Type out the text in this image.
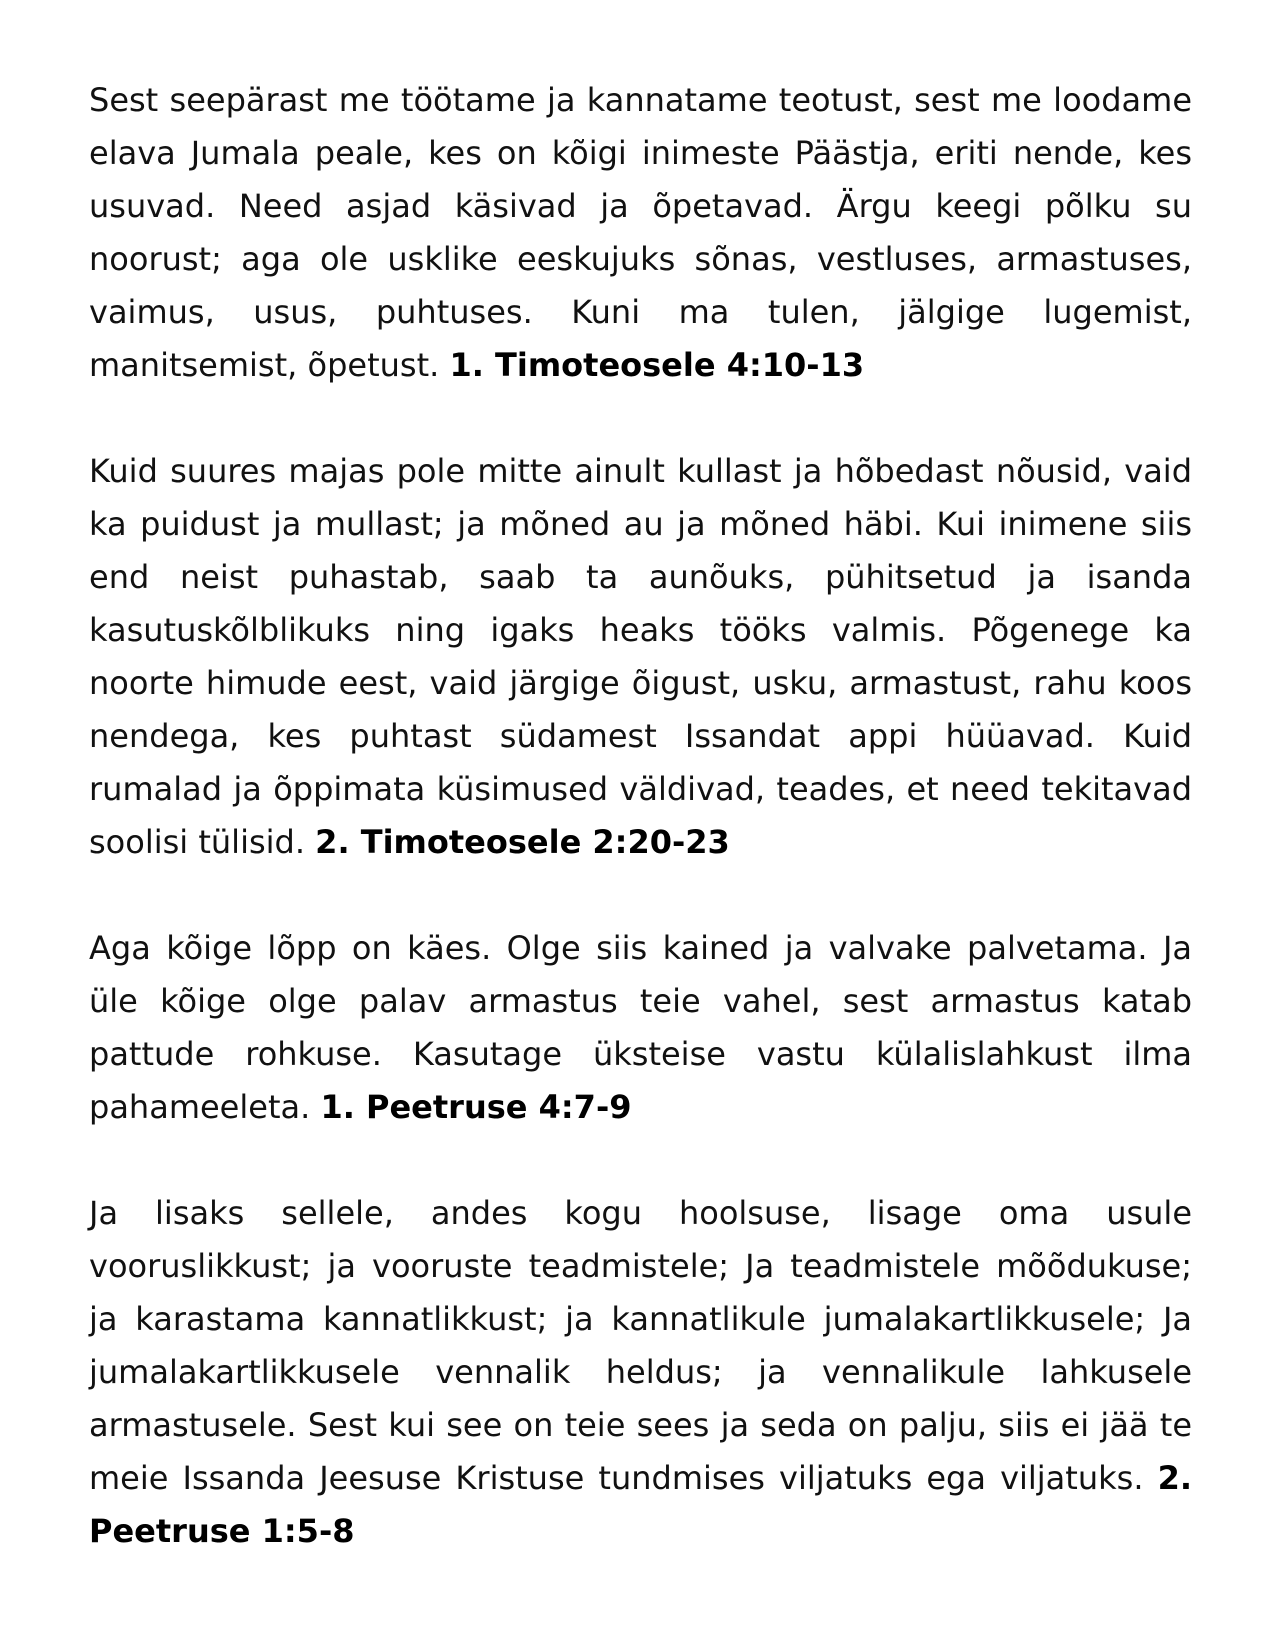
Sest seepärast me töötame ja kannatame teotust, sest me loodame elava Jumala peale, kes on kõigi inimeste Päästja, eriti nende, kes usuvad. Need asjad käsivad ja õpetavad. Ärgu keegi põlku su noorust; aga ole usklike eeskujuks sõnas, vestluses, armastuses, vaimus, usus, puhtuses. Kuni ma tulen, jälgige lugemist, manitsemist, õpetust. 1. Timoteosele 4:10-13

Kuid suures majas pole mitte ainult kullast ja hõbedast nõusid, vaid ka puidust ja mullast; ja mõned au ja mõned häbi. Kui inimene siis end neist puhastab, saab ta aunõuks, pühitsetud ja isanda kasutuskõlblikuks ning igaks heaks tööks valmis. Põgenege ka noorte himude eest, vaid järgige õigust, usku, armastust, rahu koos nendega, kes puhtast südamest Issandat appi hüüavad. Kuid rumalad ja õppimata küsimused väldivad, teades, et need tekitavad soolisi tülisid. 2. Timoteosele 2:20-23

Aga kõige lõpp on käes. Olge siis kained ja valvake palvetama. Ja üle kõige olge palav armastus teie vahel, sest armastus katab pattude rohkuse. Kasutage üksteise vastu külalislahkust ilma pahameeleta. 1. Peetruse 4:7-9

Ja lisaks sellele, andes kogu hoolsuse, lisage oma usule vooruslikkust; ja vooruste teadmistele; Ja teadmistele mõõdukuse; ja karastama kannatlikkust; ja kannatlikule jumalakartlikkusele; Ja jumalakartlikkusele vennalik heldus; ja vennalikule lahkusele armastusele. Sest kui see on teie sees ja seda on palju, siis ei jää te meie Issanda Jeesuse Kristuse tundmises viljatuks ega viljatuks. 2. Peetruse 1:5-8
